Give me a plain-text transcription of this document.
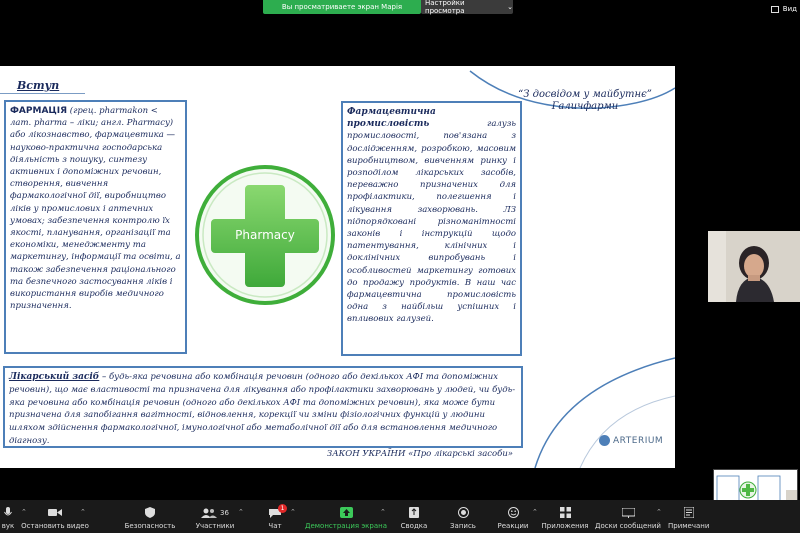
Вы просматриваете экран Марія	Настройки просмотра	⌄	Вид
Вступ
“З досвідом у майбутнє” Галичфарми
ФАРМАЦІЯ (грец. pharmakon < лат. pharma – ліки; англ. Pharmacy) або лікознавство, фармацевтика — науково-практична господарська діяльність з пошуку, синтезу активних і допоміжних речовин, створення, вивчення фармакологічної дії, виробництво ліків у промислових і аптечних умовах; забезпечення контролю їх якості, планування, організації та економіки, менеджменту та маркетингу, інформації та освіти, а також забезпечення раціонального та безпечного застосування ліків і використання виробів медичного призначення.
Pharmacy
Фармацевтична промисловість галузь промисловості, пов'язана з дослідженням, розробкою, масовим виробництвом, вивченням ринку і розподілом лікарських засобів, переважно призначених для профілактики, полегшення і лікування захворювань. ЛЗ підпорядковані різноманітності законів і інструкцій щодо патентування, клінічних і доклінічних випробувань і особливостей маркетингу готових до продажу продуктів. В наш час фармацевтична промисловість одна з найбільш успішних і впливових галузей.
Лікарський засіб – будь-яка речовина або комбінація речовин (одного або декількох АФІ та допоміжних речовин), що має властивості та призначена для лікування або профілактики захворювань у людей, чи будь-яка речовина або комбінація речовин (одного або декількох АФІ та допоміжних речовин), яка може бути призначена для запобігання вагітності, відновлення, корекції чи зміни фізіологічних функцій у людини шляхом здійснення фармакологічної, імунологічної або метаболічної дії або для встановлення медичного діагнозу.
ЗАКОН УКРАЇНИ «Про лікарські засоби»
ARTERIUM
вук
⌃
Остановить видео
⌃
Безопасность
36
Участники
⌃
Чат
1 ⌃
Демонстрация экрана
⌃
Сводка	Запись	Реакции
⌃
Приложения Доски сообщений
⌃
Примечани
